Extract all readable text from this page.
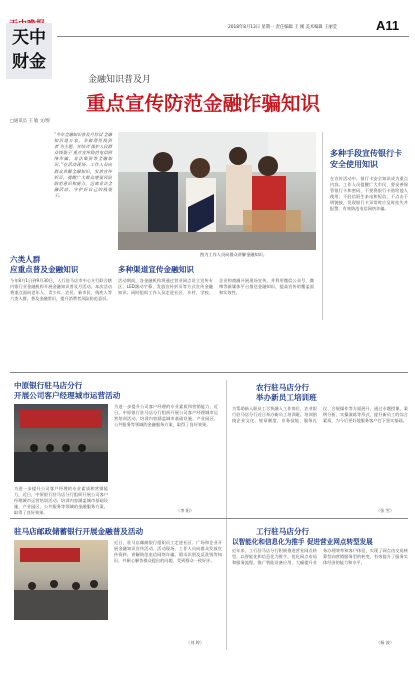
天中
财金
2018年8月13日 星期一 责任编辑 王 刚 美术编辑 王丽莹	A11
金融知识普及月
重点宣传防范金融诈骗知识
□通讯员 王 敏 文/图
“今年金融知识普及月将以‘金融知识进万家，争做理性投资者’为主题，并结合‘保护人民群众钱袋子’重点宣传防范电信网络诈骗、非法集资等金融知识。”在活动现场，工作人员向群众讲解金融知识，发放宣传折页，提醒广大群众增强风险防范意识和能力，远离非法金融活动，守护好自己的钱袋子。
图为工作人员向群众讲解金融知识。
多种手段宣传银行卡安全使用知识
在宣传活动中，银行卡安全知识成为重点内容。工作人员提醒广大市民，要妥善保管银行卡和密码，不要将银行卡借给他人使用；不轻信陌生来电和短信，不点击不明链接，发现银行卡异常时应及时挂失并报警，有效防范电信网络诈骗。
六类人群
应重点普及金融知识
今年8月1日到9月30日，人行驻马店市中心支行联合辖内银行业金融机构开展金融知识普及月活动。本次活动将重点面向老年人、青少年、农民、新市民、残疾人等六类人群，普及金融常识，提升消费者风险防范意识。
多种渠道宣传金融知识
活动期间，各金融机构将通过营业网点设立宣传专区、LED滚动字幕、发放宣传折页等方式宣传金融知识；同时组织工作人员走进社区、乡村、学校、企业和商圈开展现场宣传，并利用微信公众号、微博等新媒体平台推送金融知识，提高宣传的覆盖面和实效性。
中原银行驻马店分行
开展公司客户经理城市运营活动
为进一步提升公司客户经理的专业素质和营销能力，近日，中原银行驻马店分行组织开展公司客户经理城市运营培训活动。培训内容涵盖城市基础设施、产业园区、公共服务等领域的金融服务方案，取得了良好效果。
为进一步提升公司客户经理的专业素质和营销能力，近日，中原银行驻马店分行组织开展公司客户经理城市运营培训活动。培训内容涵盖城市基础设施、产业园区、公共服务等领域的金融服务方案，取得了良好效果。
（李 阳）
农行驻马店分行
举办新员工培训班
为帮助新入职员工尽快融入工作岗位，农业银行驻马店分行近日举办新员工培训班。培训围绕企业文化、规章制度、业务技能、服务礼仪、合规操作等方面展开，通过专题授课、案例分析、实操演练等形式，提升新员工的综合素质，为今后更好地服务客户打下坚实基础。
（张 雪）
驻马店邮政储蓄银行开展金融普及活动
近日，驻马店邮储银行组织员工走进社区、广场和企业开展金融知识宣传活动。活动现场，工作人员向群众发放宣传资料，讲解防范电信网络诈骗、假币识别及反洗钱等知识，并耐心解答群众提出的问题，受到群众一致好评。
（刘 婷）
工行驻马店分行
以智能化和信息化为推手 促进营业网点转型发展
近年来，工行驻马店分行积极推进营业网点转型，以智能化和信息化为推手，优化网点布局和服务流程，推广智能设备应用，大幅提升业务办理效率和客户体验，实现了网点由交易核算型向营销服务型的转变，有效提升了服务实体经济的能力和水平。
（杨 波）
